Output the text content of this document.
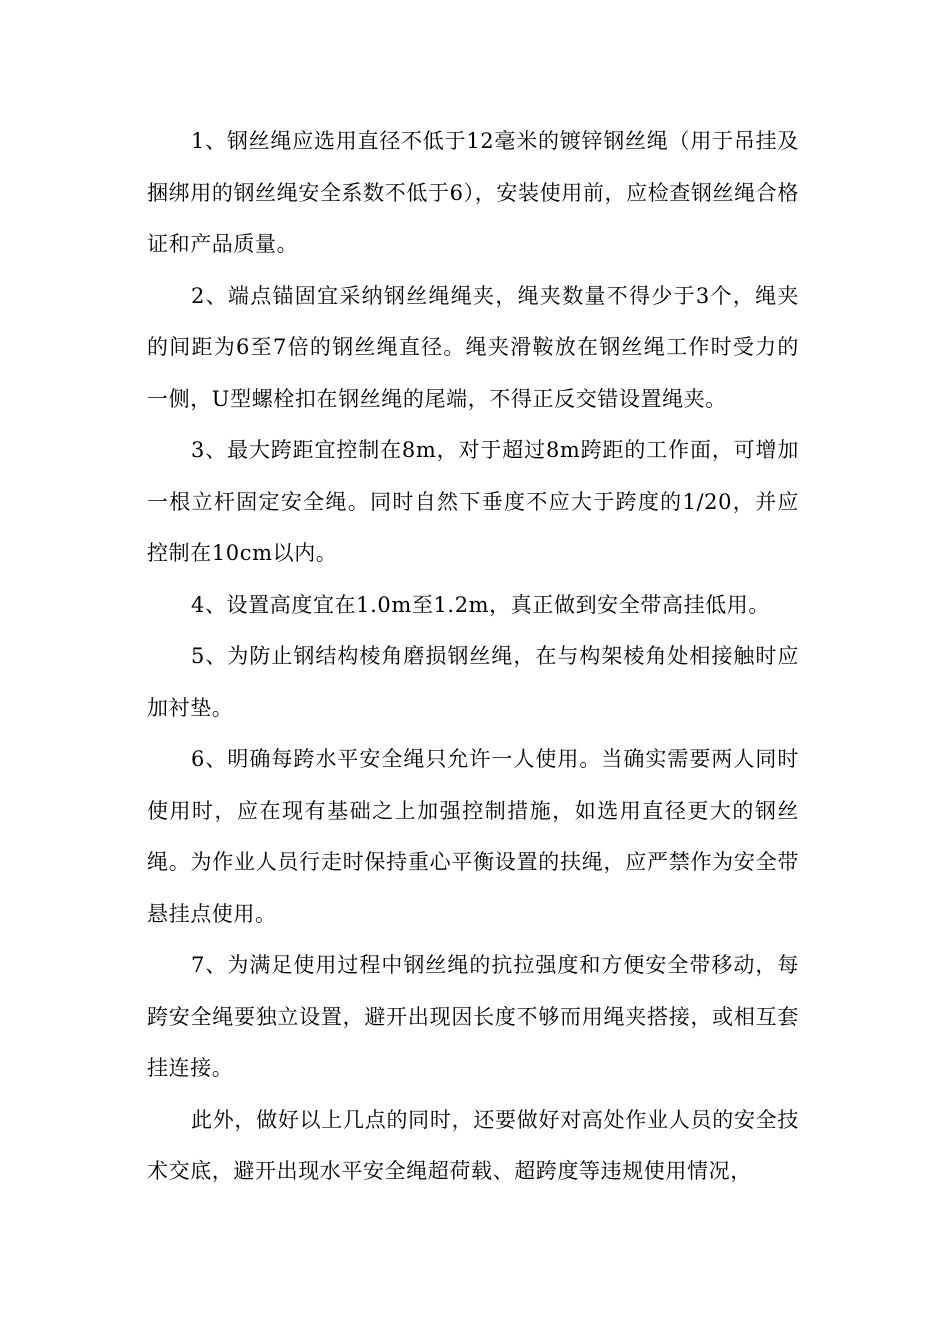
1、钢丝绳应选用直径不低于12毫米的镀锌钢丝绳（用于吊挂及捆绑用的钢丝绳安全系数不低于6），安装使用前，应检查钢丝绳合格证和产品质量。

2、端点锚固宜采纳钢丝绳绳夹，绳夹数量不得少于3个，绳夹的间距为6至7倍的钢丝绳直径。绳夹滑鞍放在钢丝绳工作时受力的一侧，U型螺栓扣在钢丝绳的尾端，不得正反交错设置绳夹。

3、最大跨距宜控制在8m，对于超过8m跨距的工作面，可增加一根立杆固定安全绳。同时自然下垂度不应大于跨度的1/20，并应控制在10cm以内。

4、设置高度宜在1.0m至1.2m，真正做到安全带高挂低用。

5、为防止钢结构棱角磨损钢丝绳，在与构架棱角处相接触时应加衬垫。

6、明确每跨水平安全绳只允许一人使用。当确实需要两人同时使用时，应在现有基础之上加强控制措施，如选用直径更大的钢丝绳。为作业人员行走时保持重心平衡设置的扶绳，应严禁作为安全带悬挂点使用。

7、为满足使用过程中钢丝绳的抗拉强度和方便安全带移动，每跨安全绳要独立设置，避开出现因长度不够而用绳夹搭接，或相互套挂连接。

此外，做好以上几点的同时，还要做好对高处作业人员的安全技术交底，避开出现水平安全绳超荷载、超跨度等违规使用情况，
